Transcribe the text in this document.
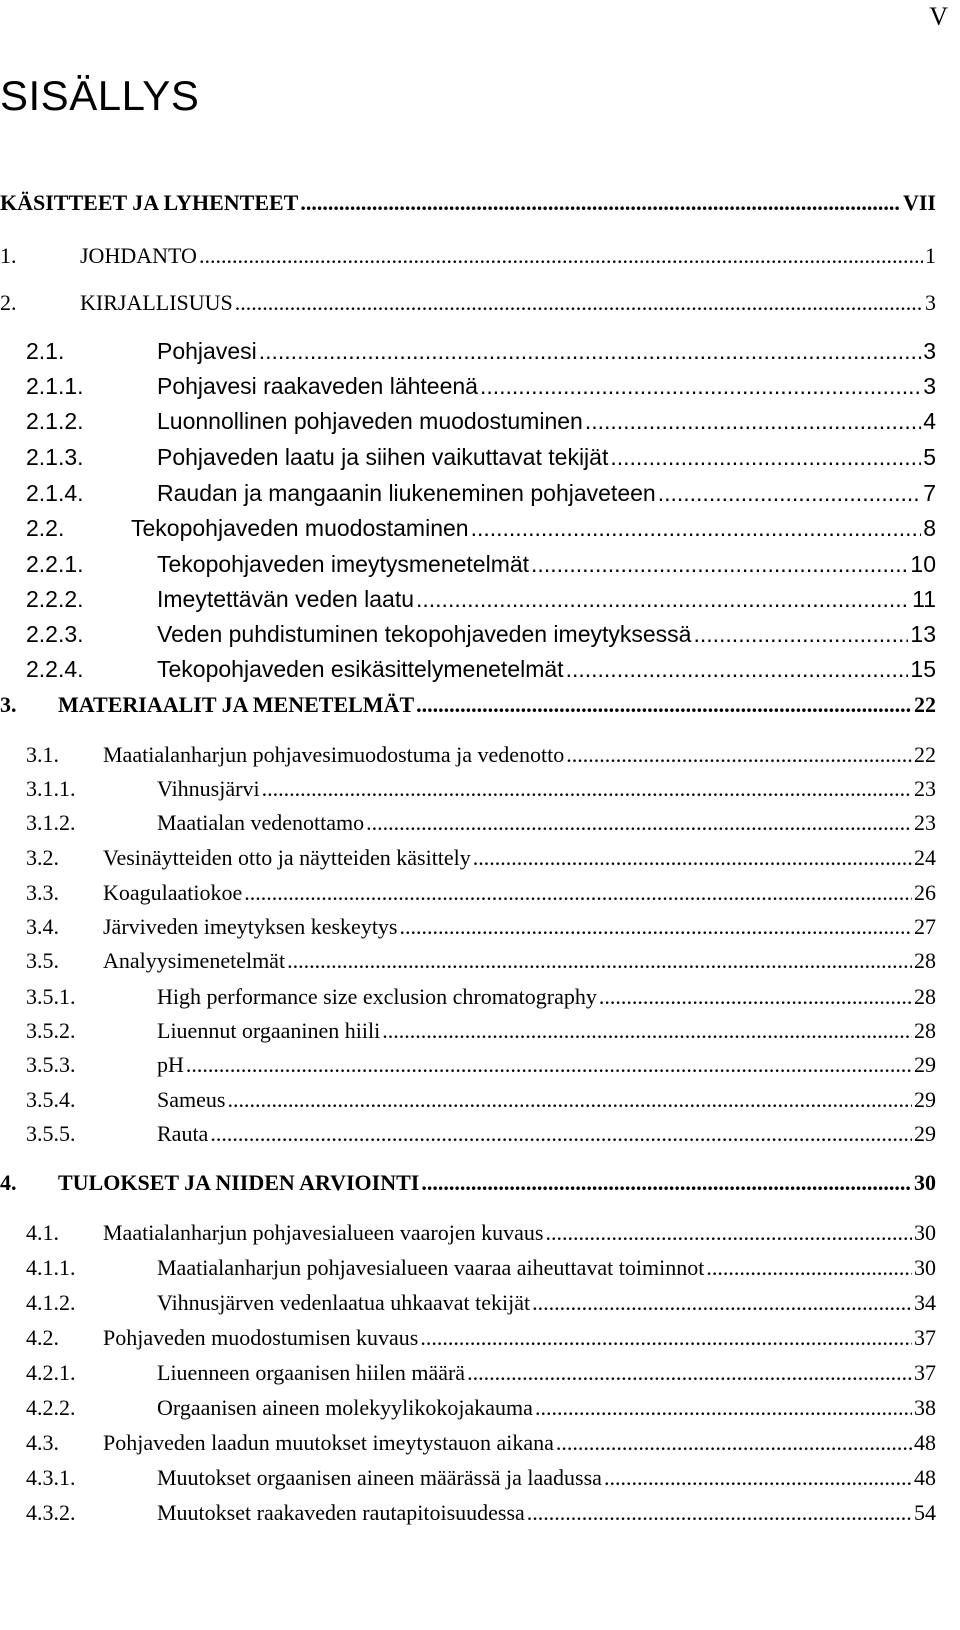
V
SISÄLLYS
KÄSITTEET JA LYHENTEET .....	VII
1.	JOHDANTO .....	1
2.	KIRJALLISUUS .....	3
2.1.	Pohjavesi .....	3
2.1.1.	Pohjavesi raakaveden lähteenä .....	3
2.1.2.	Luonnollinen pohjaveden muodostuminen .....	4
2.1.3.	Pohjaveden laatu ja siihen vaikuttavat tekijät .....	5
2.1.4.	Raudan ja mangaanin liukeneminen pohjaveteen .....	7
2.2.	Tekopohjaveden muodostaminen .....	8
2.2.1.	Tekopohjaveden imeytysmenetelmät .....	10
2.2.2.	Imeytettävän veden laatu .....	11
2.2.3.	Veden puhdistuminen tekopohjaveden imeytyksessä .....	13
2.2.4.	Tekopohjaveden esikäsittelymenetelmät .....	15
3.	MATERIAALIT JA MENETELMÄT .....	22
3.1.	Maatialanharjun pohjavesimuodostuma ja vedenotto .....	22
3.1.1.	Vihnusjärvi .....	23
3.1.2.	Maatialan vedenottamo .....	23
3.2.	Vesinäytteiden otto ja näytteiden käsittely .....	24
3.3.	Koagulaatiokoe .....	26
3.4.	Järviveden imeytyksen keskeytys .....	27
3.5.	Analyysimenetelmät .....	28
3.5.1.	High performance size exclusion chromatography .....	28
3.5.2.	Liuennut orgaaninen hiili .....	28
3.5.3.	pH .....	29
3.5.4.	Sameus .....	29
3.5.5.	Rauta .....	29
4.	TULOKSET JA NIIDEN ARVIOINTI .....	30
4.1.	Maatialanharjun pohjavesialueen vaarojen kuvaus .....	30
4.1.1.	Maatialanharjun pohjavesialueen vaaraa aiheuttavat toiminnot .....	30
4.1.2.	Vihnusjärven vedenlaatua uhkaavat tekijät .....	34
4.2.	Pohjaveden muodostumisen kuvaus .....	37
4.2.1.	Liuenneen orgaanisen hiilen määrä .....	37
4.2.2.	Orgaanisen aineen molekyylikokojakauma .....	38
4.3.	Pohjaveden laadun muutokset imeytystauon aikana .....	48
4.3.1.	Muutokset orgaanisen aineen määrässä ja laadussa .....	48
4.3.2.	Muutokset raakaveden rautapitoisuudessa .....	54
